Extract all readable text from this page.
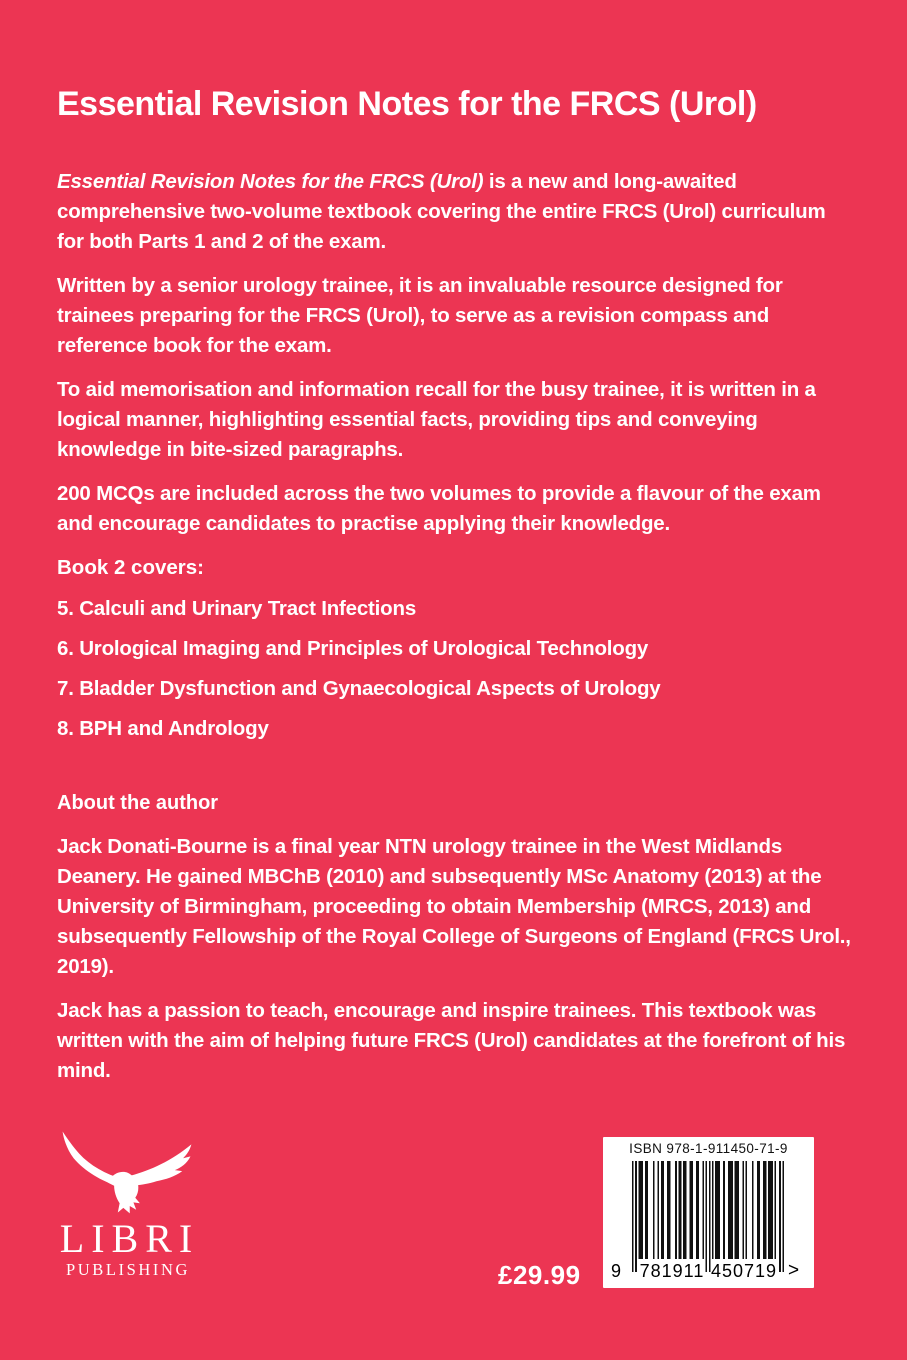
Essential Revision Notes for the FRCS (Urol)

Essential Revision Notes for the FRCS (Urol) is a new and long-awaited comprehensive two-volume textbook covering the entire FRCS (Urol) curriculum for both Parts 1 and 2 of the exam.

Written by a senior urology trainee, it is an invaluable resource designed for trainees preparing for the FRCS (Urol), to serve as a revision compass and reference book for the exam.

To aid memorisation and information recall for the busy trainee, it is written in a logical manner, highlighting essential facts, providing tips and conveying knowledge in bite-sized paragraphs.

200 MCQs are included across the two volumes to provide a flavour of the exam and encourage candidates to practise applying their knowledge.

Book 2 covers:
5. Calculi and Urinary Tract Infections
6. Urological Imaging and Principles of Urological Technology
7. Bladder Dysfunction and Gynaecological Aspects of Urology
8. BPH and Andrology
About the author

Jack Donati-Bourne is a final year NTN urology trainee in the West Midlands Deanery. He gained MBChB (2010) and subsequently MSc Anatomy (2013) at the University of Birmingham, proceeding to obtain Membership (MRCS, 2013) and subsequently Fellowship of the Royal College of Surgeons of England (FRCS Urol., 2019).

Jack has a passion to teach, encourage and inspire trainees. This textbook was written with the aim of helping future FRCS (Urol) candidates at the forefront of his mind.

LIBRI
PUBLISHING	£29.99
ISBN 978-1-911450-71-9
9 781911 450719 >
